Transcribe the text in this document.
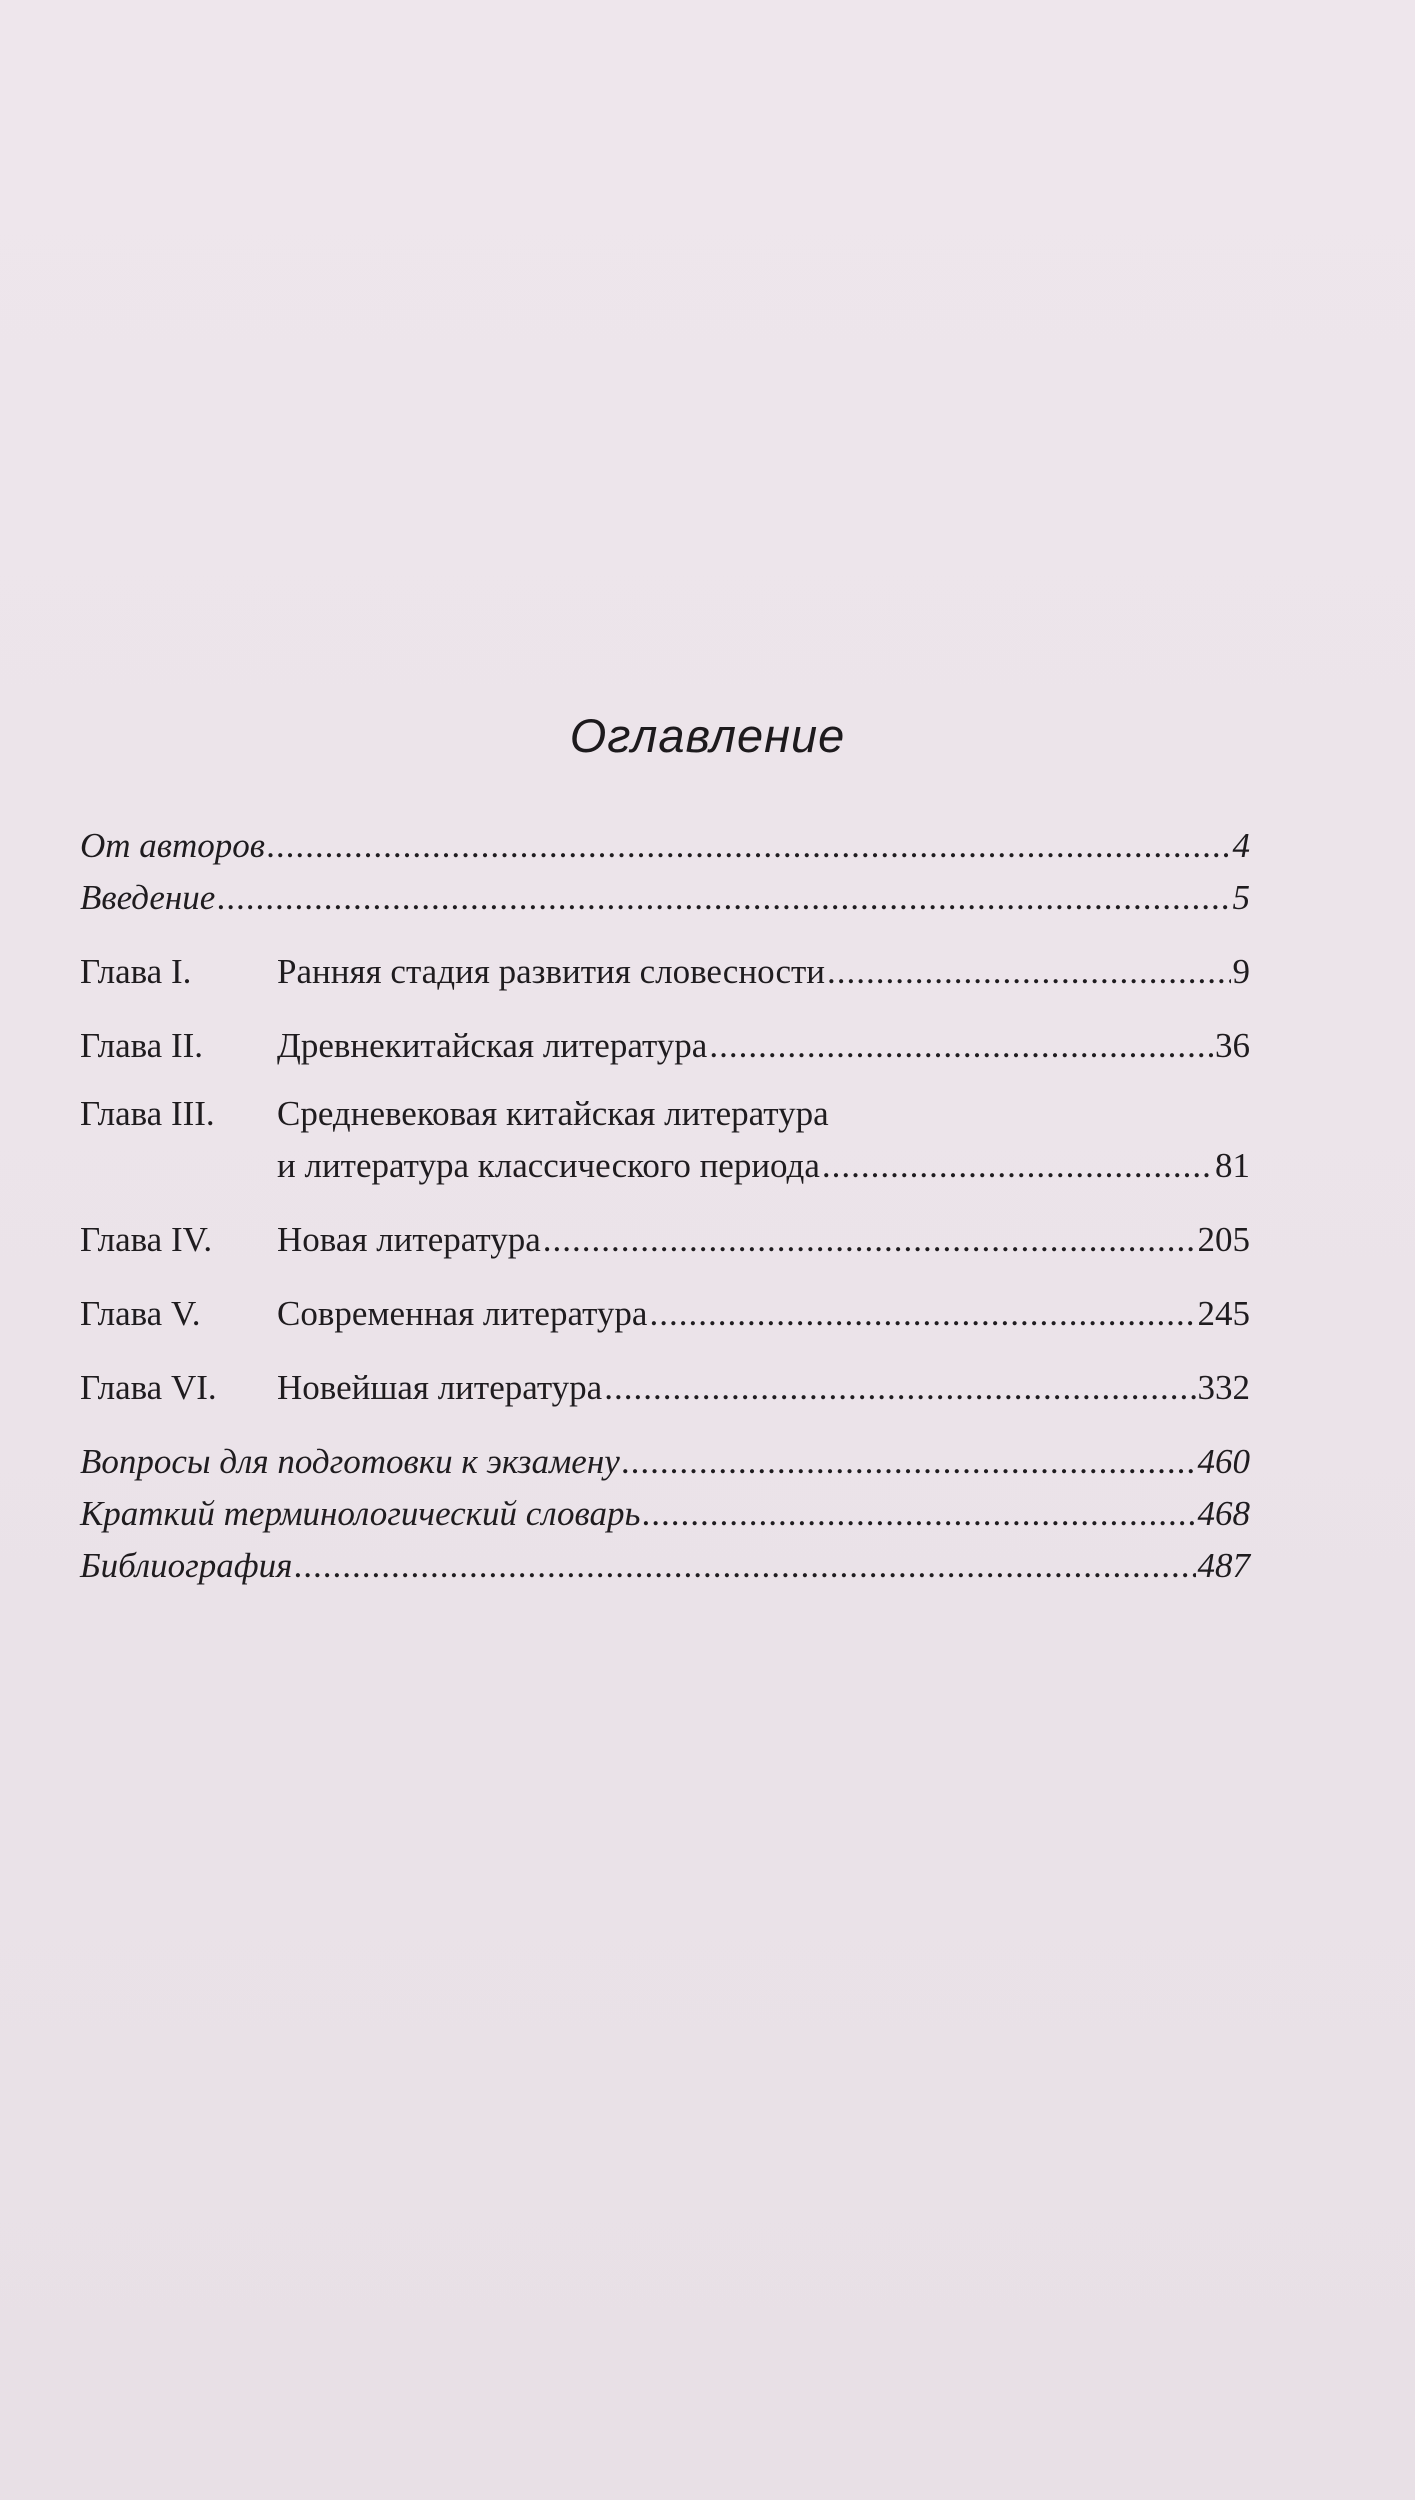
Оглавление
От авторов .....	4
Введение .....	5
Глава I.	Ранняя стадия развития словесности .....	9
Глава II.	Древнекитайская литература .....	36
Глава III.	Средневековая китайская литература
и литература классического периода .....	81
Глава IV.	Новая литература .....	205
Глава V.	Современная литература .....	245
Глава VI.	Новейшая литература .....	332
Вопросы для подготовки к экзамену .....	460
Краткий терминологический словарь .....	468
Библиография .....	487
